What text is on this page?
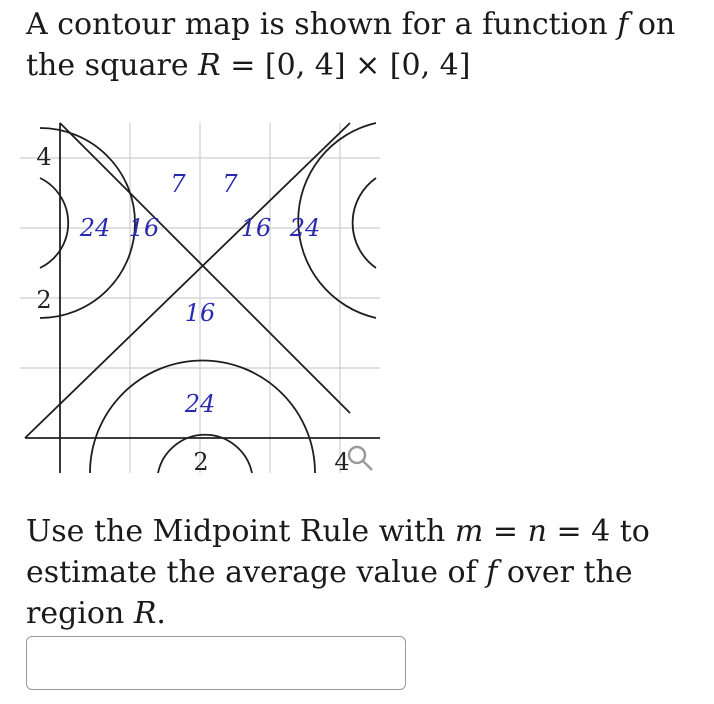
A contour map is shown for a function f on
the square R = [0, 4] × [0, 4]

4
2
2	4
24 16
7 7
16 24
16
24

Use the Midpoint Rule with m = n = 4 to
estimate the average value of f over the
region R.
